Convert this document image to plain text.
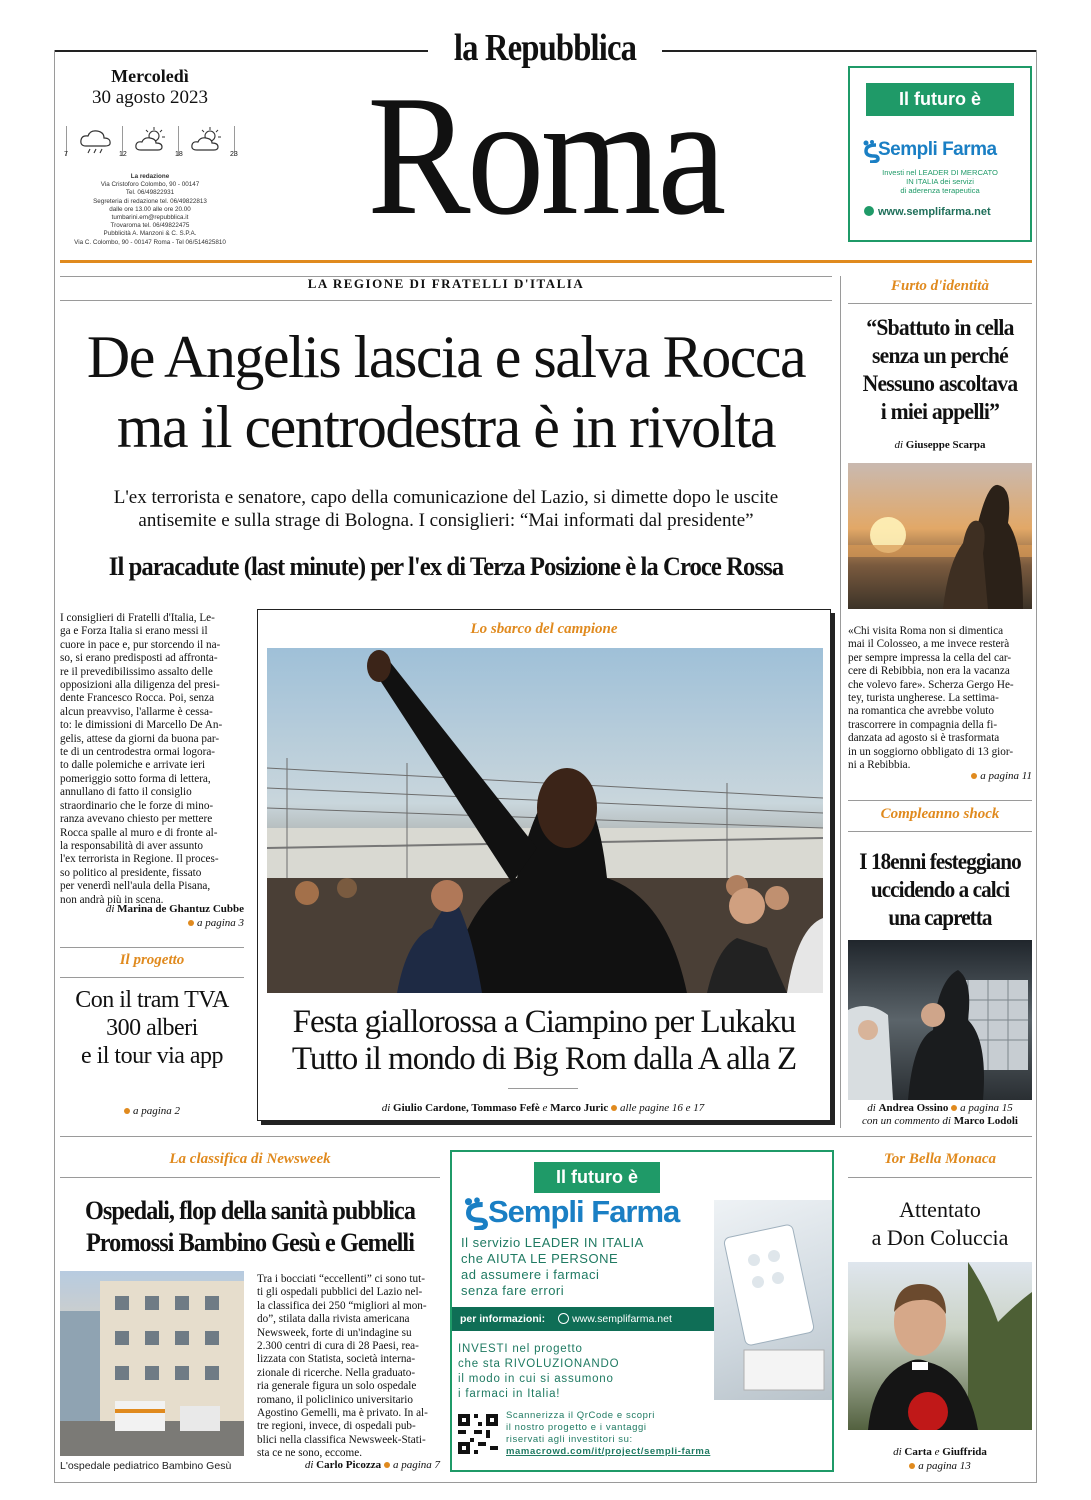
la Repubblica
Roma
Mercoledì
30 agosto 2023
7	12	18	23
La redazione
Via Cristoforo Colombo, 90 - 00147
Tel. 06/49822931
Segreteria di redazione tel. 06/49822813
dalle ore 13.00 alle ore 20.00
tumbarini.em@repubblica.it
Trovaroma tel. 06/49822475
Pubblicità A. Manzoni & C. S.P.A.
Via C. Colombo, 90 - 00147 Roma - Tel 06/514625810
Il futuro è
Sempli Farma
Investi nel LEADER DI MERCATO
IN ITALIA dei servizi
di aderenza terapeutica
www.semplifarma.net
LA REGIONE DI FRATELLI D'ITALIA
De Angelis lascia e salva Rocca
ma il centrodestra è in rivolta
L'ex terrorista e senatore, capo della comunicazione del Lazio, si dimette dopo le uscite
antisemite e sulla strage di Bologna. I consiglieri: “Mai informati dal presidente”
Il paracadute (last minute) per l'ex di Terza Posizione è la Croce Rossa
I consiglieri di Fratelli d'Italia, Le-
ga e Forza Italia si erano messi il
cuore in pace e, pur storcendo il na-
so, si erano predisposti ad affronta-
re il prevedibilissimo assalto delle
opposizioni alla diligenza del presi-
dente Francesco Rocca. Poi, senza
alcun preavviso, l'allarme è cessa-
to: le dimissioni di Marcello De An-
gelis, attese da giorni da buona par-
te di un centrodestra ormai logora-
to dalle polemiche e arrivate ieri
pomeriggio sotto forma di lettera,
annullano di fatto il consiglio
straordinario che le forze di mino-
ranza avevano chiesto per mettere
Rocca spalle al muro e di fronte al-
la responsabilità di aver assunto
l'ex terrorista in Regione. Il proces-
so politico al presidente, fissato
per venerdì nell'aula della Pisana,
non andrà più in scena.
di Marina de Ghantuz Cubbe
a pagina 3
Il progetto
Con il tram TVA
300 alberi
e il tour via app
a pagina 2
Lo sbarco del campione
Festa giallorossa a Ciampino per Lukaku
Tutto il mondo di Big Rom dalla A alla Z
di Giulio Cardone, Tommaso Fefè e Marco Juric alle pagine 16 e 17
Furto d'identità
“Sbattuto in cella
senza un perché
Nessuno ascoltava
i miei appelli”
di Giuseppe Scarpa
«Chi visita Roma non si dimentica
mai il Colosseo, a me invece resterà
per sempre impressa la cella del car-
cere di Rebibbia, non era la vacanza
che volevo fare». Scherza Gergo He-
tey, turista ungherese. La settima-
na romantica che avrebbe voluto
trascorrere in compagnia della fi-
danzata ad agosto si è trasformata
in un soggiorno obbligato di 13 gior-
ni a Rebibbia.
a pagina 11
Compleanno shock
I 18enni festeggiano
uccidendo a calci
una capretta
di Andrea Ossino a pagina 15
con un commento di Marco Lodoli
La classifica di Newsweek
Ospedali, flop della sanità pubblica
Promossi Bambino Gesù e Gemelli
L'ospedale pediatrico Bambino Gesù
Tra i bocciati “eccellenti” ci sono tut-
ti gli ospedali pubblici del Lazio nel-
la classifica dei 250 “migliori al mon-
do”, stilata dalla rivista americana
Newsweek, forte di un'indagine su
2.300 centri di cura di 28 Paesi, rea-
lizzata con Statista, società interna-
zionale di ricerche. Nella graduato-
ria generale figura un solo ospedale
romano, il policlinico universitario
Agostino Gemelli, ma è privato. In al-
tre regioni, invece, di ospedali pub-
blici nella classifica Newsweek-Stati-
sta ce ne sono, eccome.
di Carlo Picozza a pagina 7
Il futuro è
Sempli Farma
Il servizio LEADER IN ITALIA
che AIUTA LE PERSONE
ad assumere i farmaci
senza fare errori
per informazioni:	www.semplifarma.net
INVESTI nel progetto
che sta RIVOLUZIONANDO
il modo in cui si assumono
i farmaci in Italia!
Scannerizza il QrCode e scopri
il nostro progetto e i vantaggi
riservati agli investitori su:
mamacrowd.com/it/project/sempli-farma
Tor Bella Monaca
Attentato
a Don Coluccia
di Carta e Giuffrida
a pagina 13
